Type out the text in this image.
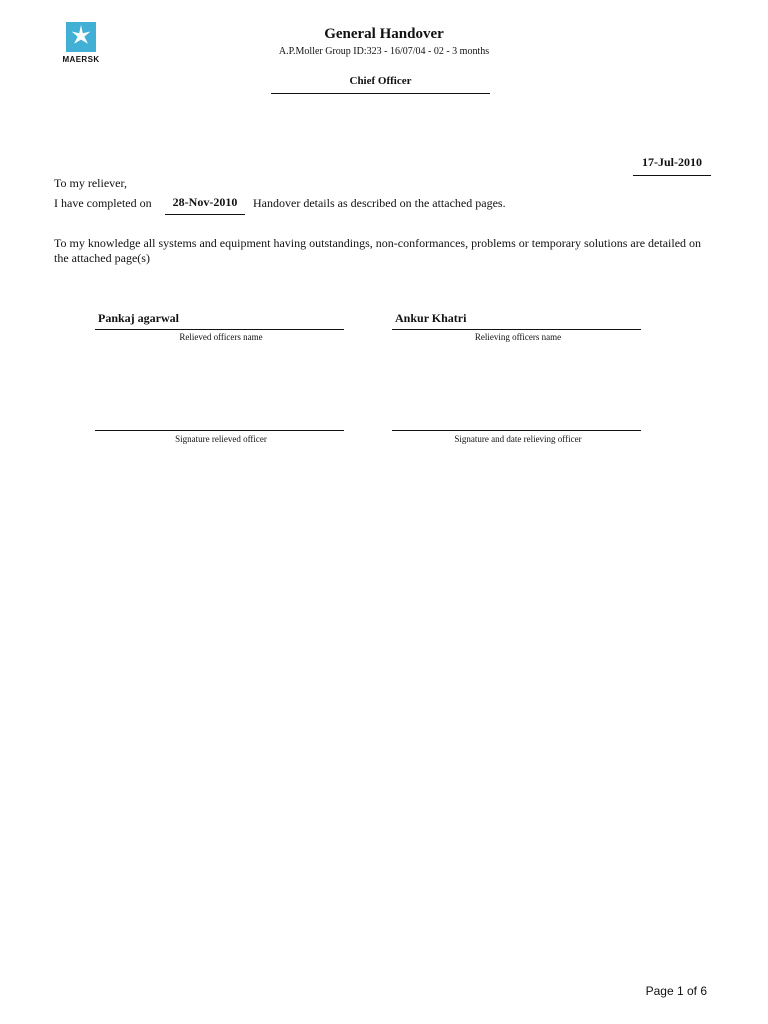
MAERSK
General Handover
A.P.Moller Group ID:323 - 16/07/04 - 02 - 3 months
Chief Officer
17-Jul-2010
To my reliever,
I have completed on	28-Nov-2010	Handover details as described on the attached pages.
To my knowledge all systems and equipment having outstandings, non-conformances, problems or temporary solutions are detailed on the attached page(s)
Pankaj agarwal
Relieved officers name
Ankur Khatri
Relieving officers name
Signature relieved officer	Signature and date relieving officer
Page 1 of 6
